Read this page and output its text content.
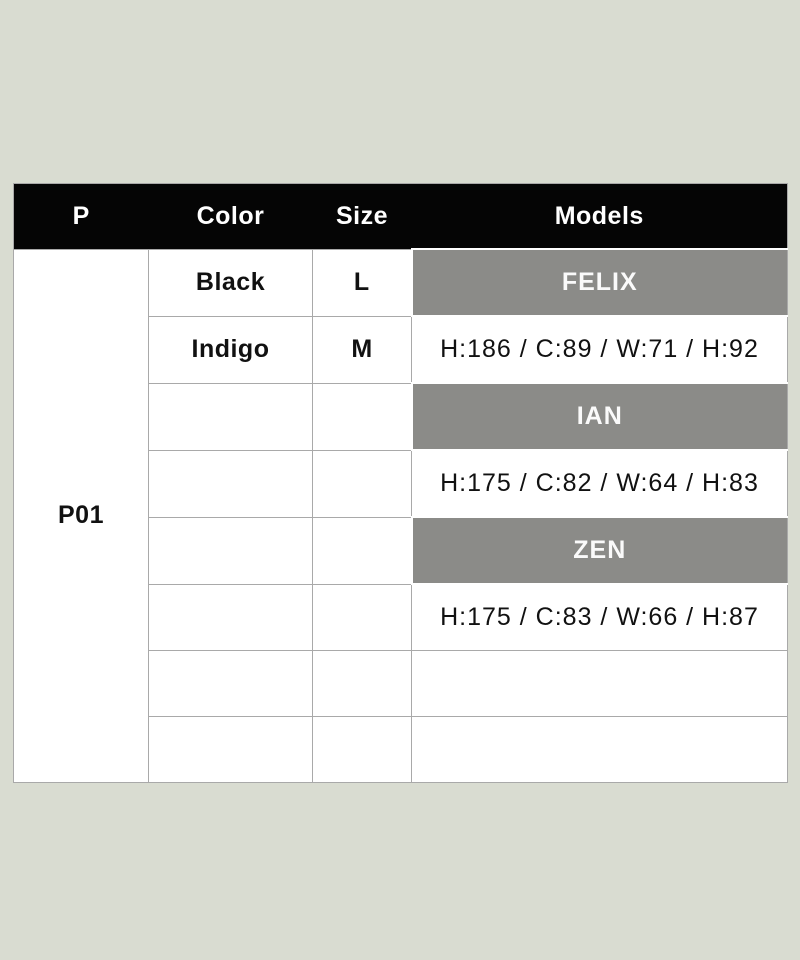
P	Color	Size	Models
P01	Black	L	FELIX
	Indigo	M	H:186 / C:89 / W:71 / H:92
			IAN
			H:175 / C:82 / W:64 / H:83
			ZEN
			H:175 / C:83 / W:66 / H:87
